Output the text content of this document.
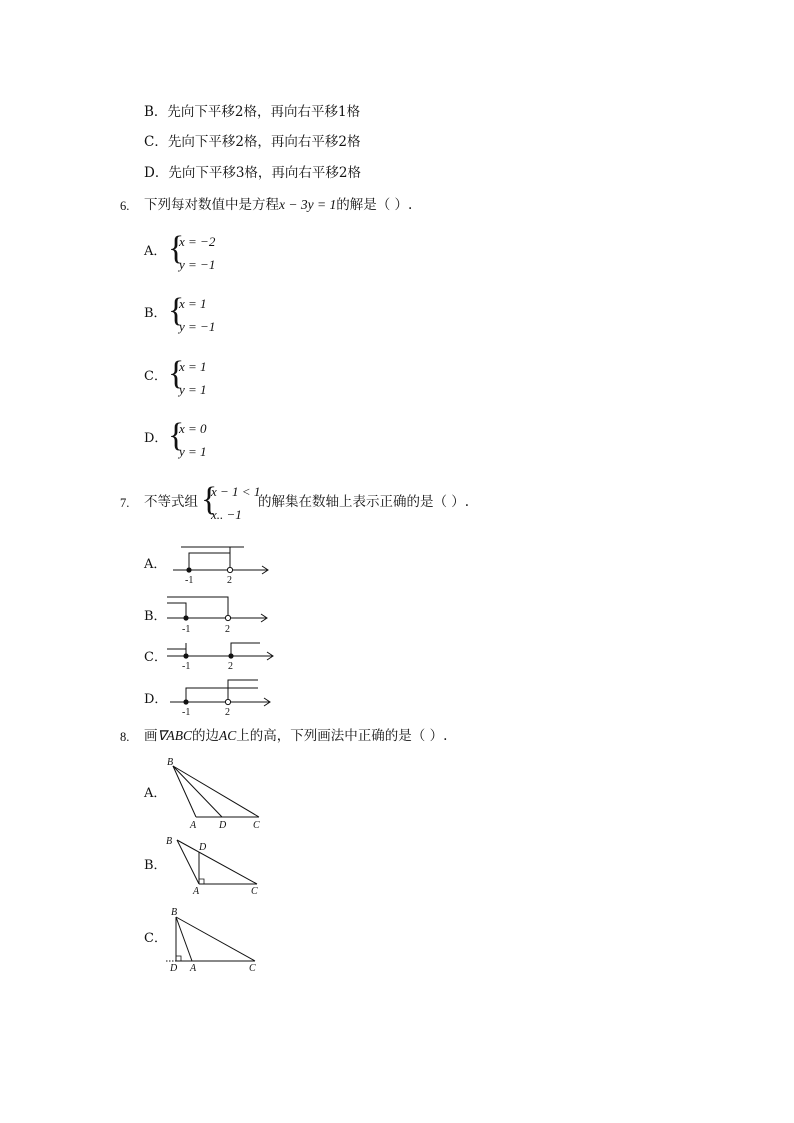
B．先向下平移2格，再向右平移1格
C．先向下平移2格，再向右平移2格
D．先向下平移3格，再向右平移2格
6. 下列每对数值中是方程x − 3y = 1的解是（ ）.
A． {
x = −2
y = −1
B． {
x = 1
y = −1
C． {
x = 1
y = 1
D． {
x = 0
y = 1
7. 不等式组 {
x − 1 < 1
x.. −1
的解集在数轴上表示正确的是（ ）.
A．
-1	2
-1	2
-1	2
-1	2
B
A D	C
B
D
A	C
B
D A	C
B．
C．
D．
8. 画∇ABC的边AC上的高，下列画法中正确的是（ ）.
A．
B．
C．
